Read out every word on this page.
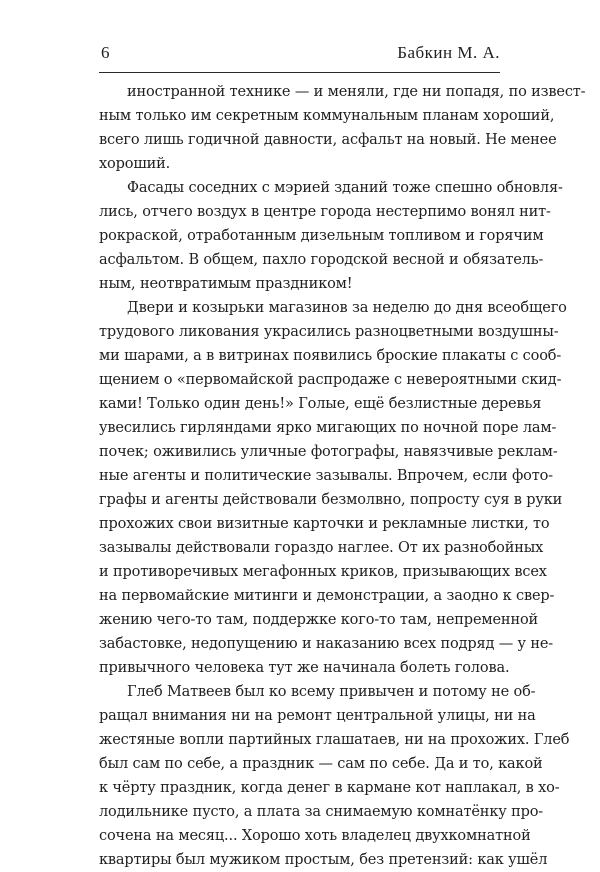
6	Бабкин М. А.

иностранной технике — и меняли, где ни попадя, по извест-
ным только им секретным коммунальным планам хороший,
всего лишь годичной давности, асфальт на новый. Не менее
хороший.

Фасады соседних с мэрией зданий тоже спешно обновля-
лись, отчего воздух в центре города нестерпимо вонял нит-
рокраской, отработанным дизельным топливом и горячим
асфальтом. В общем, пахло городской весной и обязатель-
ным, неотвратимым праздником!

Двери и козырьки магазинов за неделю до дня всеобщего
трудового ликования украсились разноцветными воздушны-
ми шарами, а в витринах появились броские плакаты с сооб-
щением о «первомайской распродаже с невероятными скид-
ками! Только один день!» Голые, ещё безлистные деревья
увесились гирляндами ярко мигающих по ночной поре лам-
почек; оживились уличные фотографы, навязчивые реклам-
ные агенты и политические зазывалы. Впрочем, если фото-
графы и агенты действовали безмолвно, попросту суя в руки
прохожих свои визитные карточки и рекламные листки, то
зазывалы действовали гораздо наглее. От их разнобойных
и противоречивых мегафонных криков, призывающих всех
на первомайские митинги и демонстрации, а заодно к свер-
жению чего-то там, поддержке кого-то там, непременной
забастовке, недопущению и наказанию всех подряд — у не-
привычного человека тут же начинала болеть голова.

Глеб Матвеев был ко всему привычен и потому не об-
ращал внимания ни на ремонт центральной улицы, ни на
жестяные вопли партийных глашатаев, ни на прохожих. Глеб
был сам по себе, а праздник — сам по себе. Да и то, какой
к чёрту праздник, когда денег в кармане кот наплакал, в хо-
лодильнике пусто, а плата за снимаемую комнатёнку про-
сочена на месяц... Хорошо хоть владелец двухкомнатной
квартиры был мужиком простым, без претензий: как ушёл
